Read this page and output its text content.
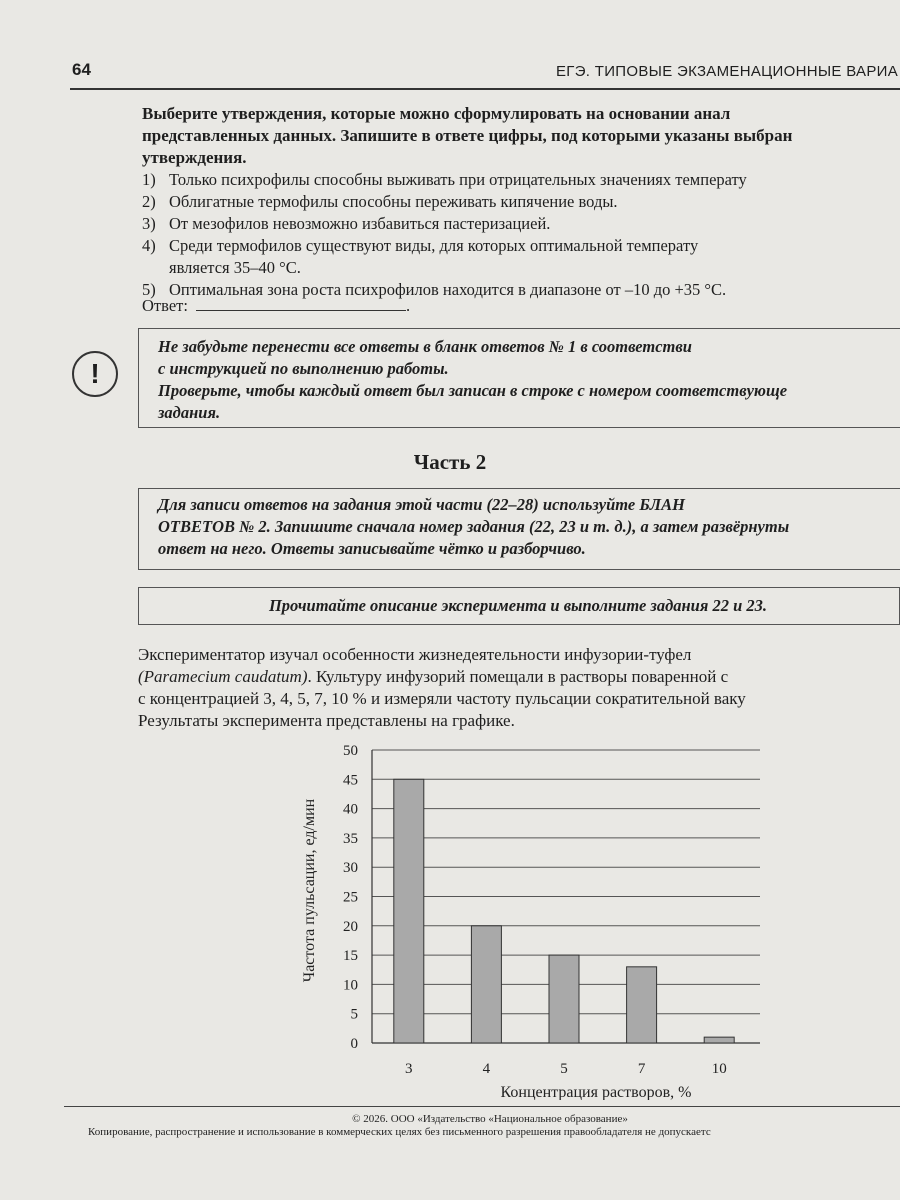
64	ЕГЭ. ТИПОВЫЕ ЭКЗАМЕНАЦИОННЫЕ ВАРИА
Выберите утверждения, которые можно сформулировать на основании анал
представленных данных. Запишите в ответе цифры, под которыми указаны выбран
утверждения.
1) Только психрофилы способны выживать при отрицательных значениях температу
2) Облигатные термофилы способны переживать кипячение воды.
3) От мезофилов невозможно избавиться пастеризацией.
4) Среди термофилов существуют виды, для которых оптимальной температу
является 35–40 °С.
5) Оптимальная зона роста психрофилов находится в диапазоне от –10 до +35 °С.
Ответ:	.
!
Не забудьте перенести все ответы в бланк ответов № 1 в соответстви
с инструкцией по выполнению работы.
Проверьте, чтобы каждый ответ был записан в строке с номером соответствующе
задания.
Часть 2
Для записи ответов на задания этой части (22–28) используйте БЛАН
ОТВЕТОВ № 2. Запишите сначала номер задания (22, 23 и т. д.), а затем развёрнуты
ответ на него. Ответы записывайте чётко и разборчиво.
Прочитайте описание эксперимента и выполните задания 22 и 23.
Экспериментатор изучал особенности жизнедеятельности инфузории-туфел
(Paramecium caudatum). Культуру инфузорий помещали в растворы поваренной с
с концентрацией 3, 4, 5, 7, 10 % и измеряли частоту пульсации сократительной ваку
Результаты эксперимента представлены на графике.
0
5
10
15
20
25
30
35
40
45
50
3	4	5	7	10
Концентрация растворов, %
Частота пульсации, ед/мин
© 2026. ООО «Издательство «Национальное образование»
Копирование, распространение и использование в коммерческих целях без письменного разрешения правообладателя не допускаетс
